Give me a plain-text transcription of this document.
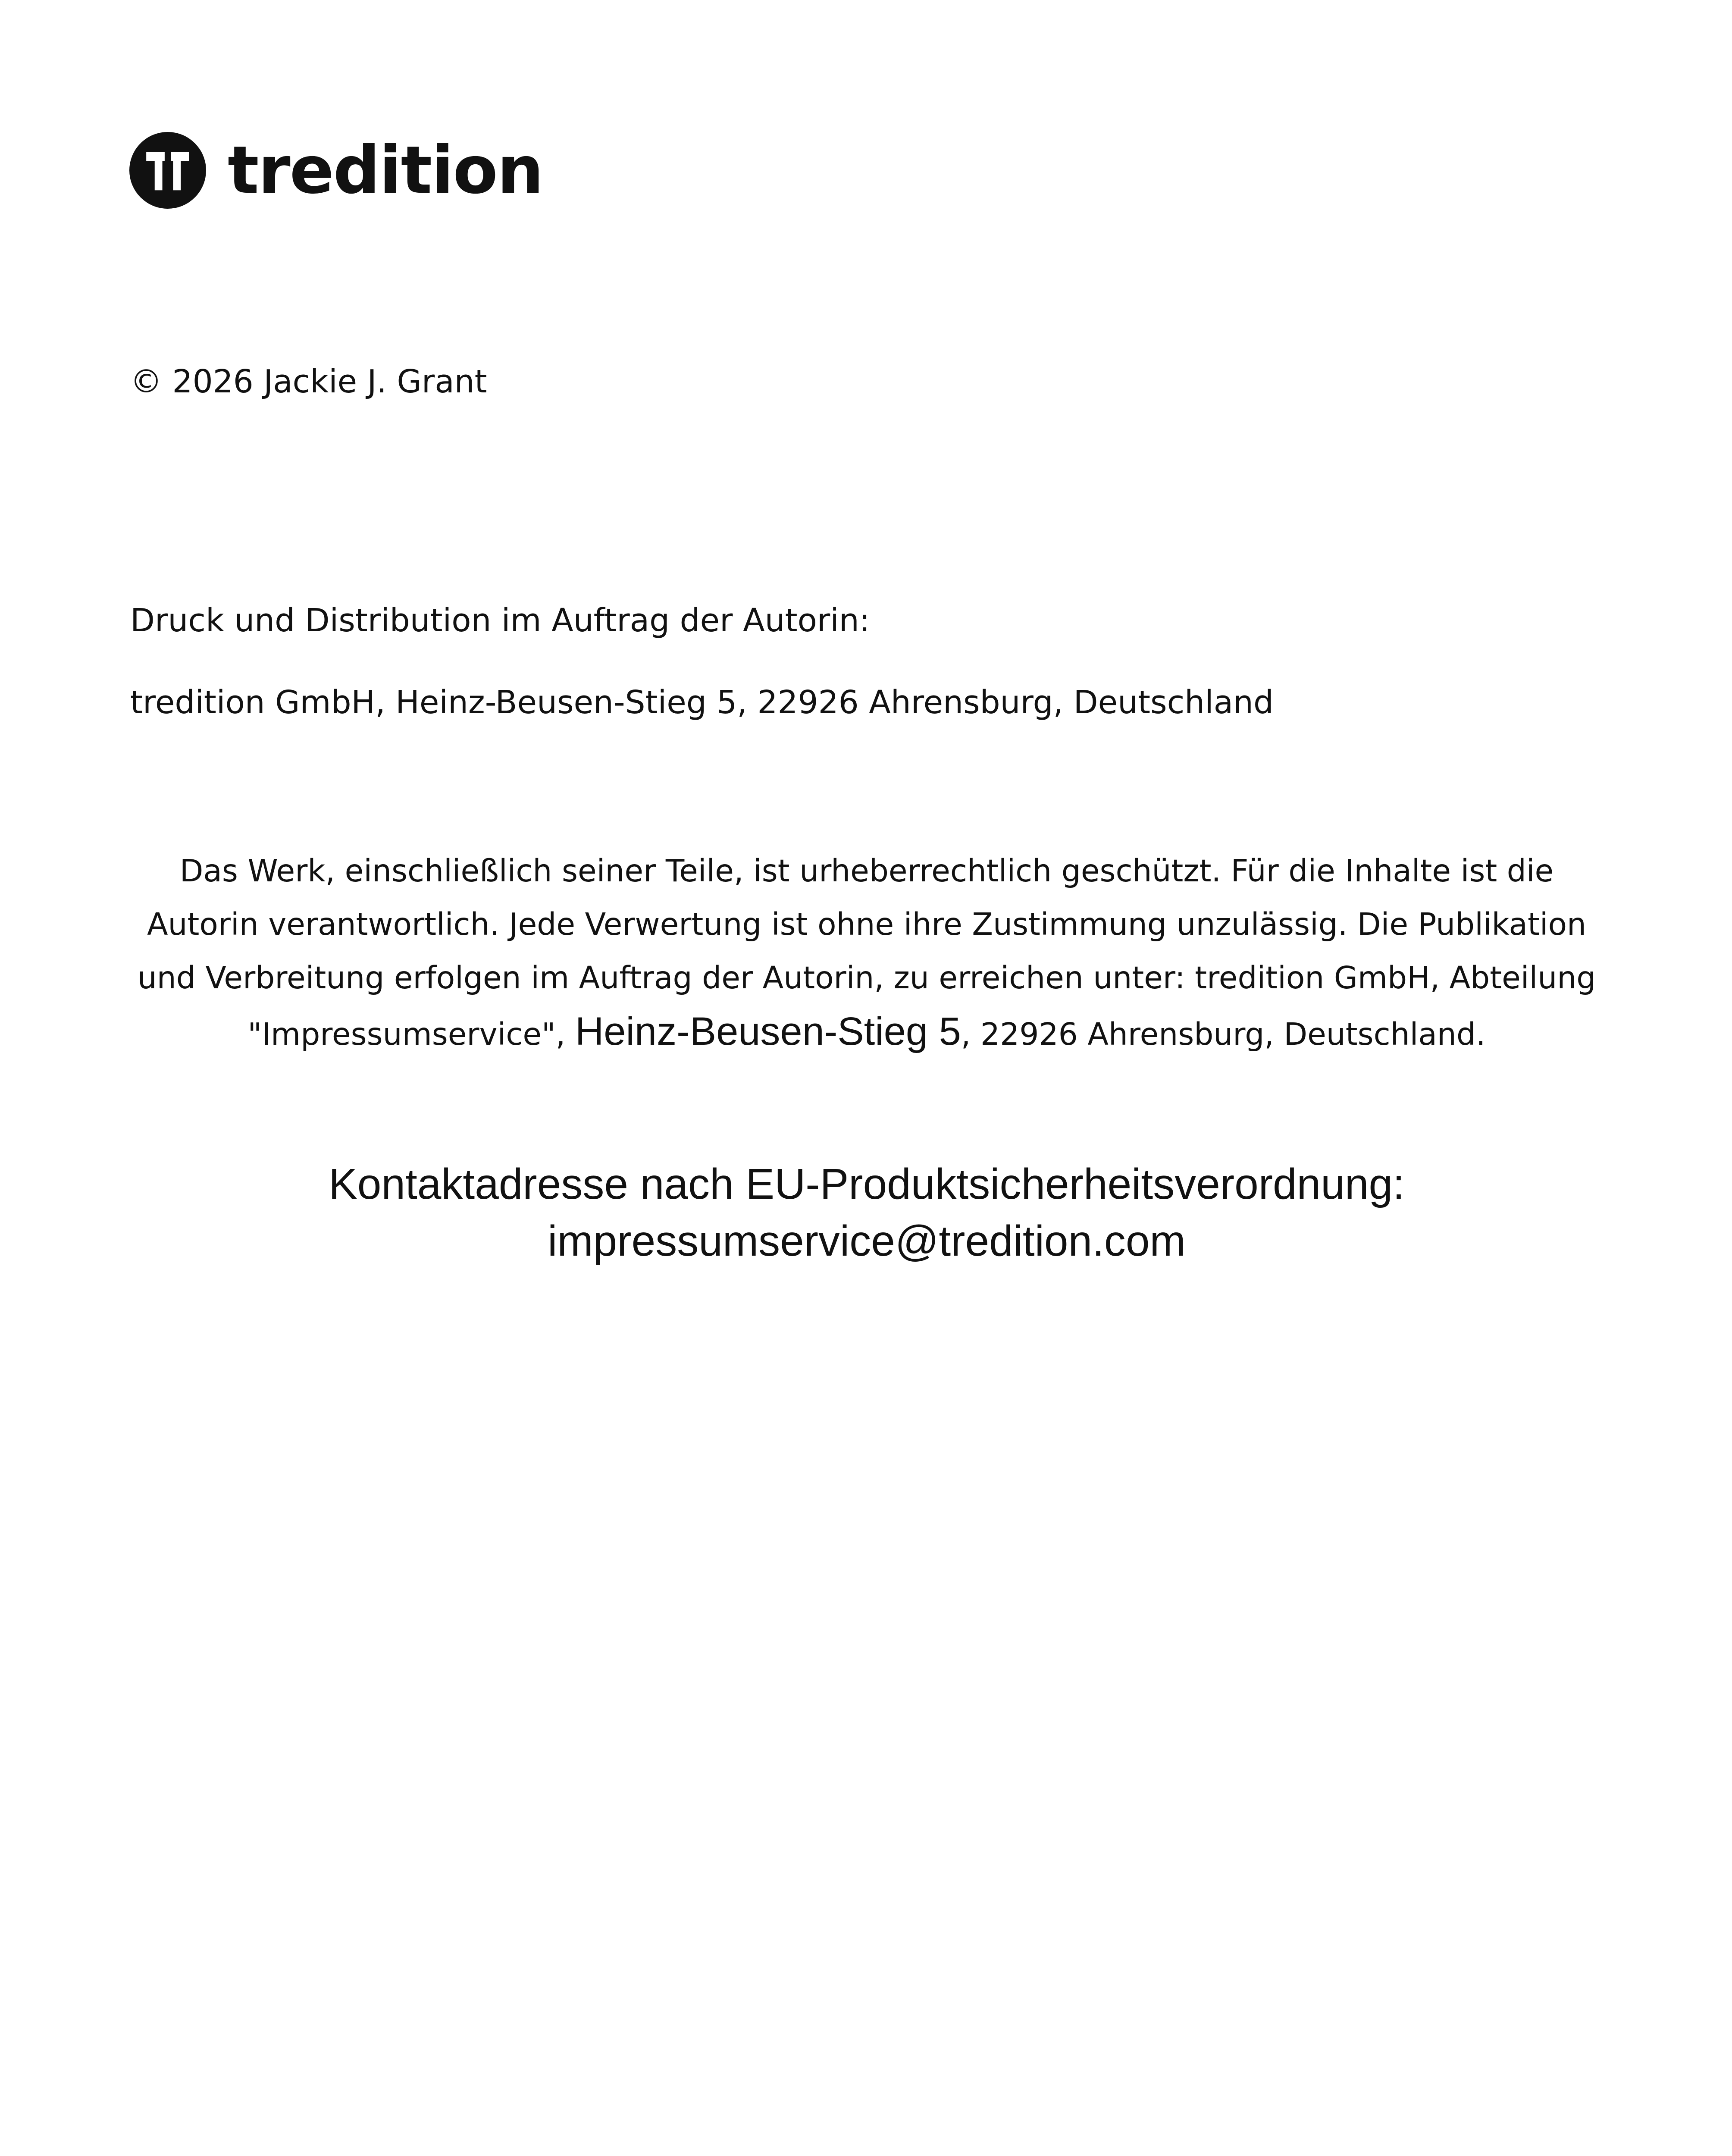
tredition
© 2026 Jackie J. Grant
Druck und Distribution im Auftrag der Autorin:
tredition GmbH, Heinz-Beusen-Stieg 5, 22926 Ahrensburg, Deutschland
Das Werk, einschließlich seiner Teile, ist urheberrechtlich geschützt. Für die Inhalte ist die Autorin verantwortlich. Jede Verwertung ist ohne ihre Zustimmung unzulässig. Die Publikation und Verbreitung erfolgen im Auftrag der Autorin, zu erreichen unter: tredition GmbH, Abteilung "Impressumservice", Heinz-Beusen-Stieg 5, 22926 Ahrensburg, Deutschland.
Kontaktadresse nach EU-Produktsicherheitsverordnung:
impressumservice@tredition.com
